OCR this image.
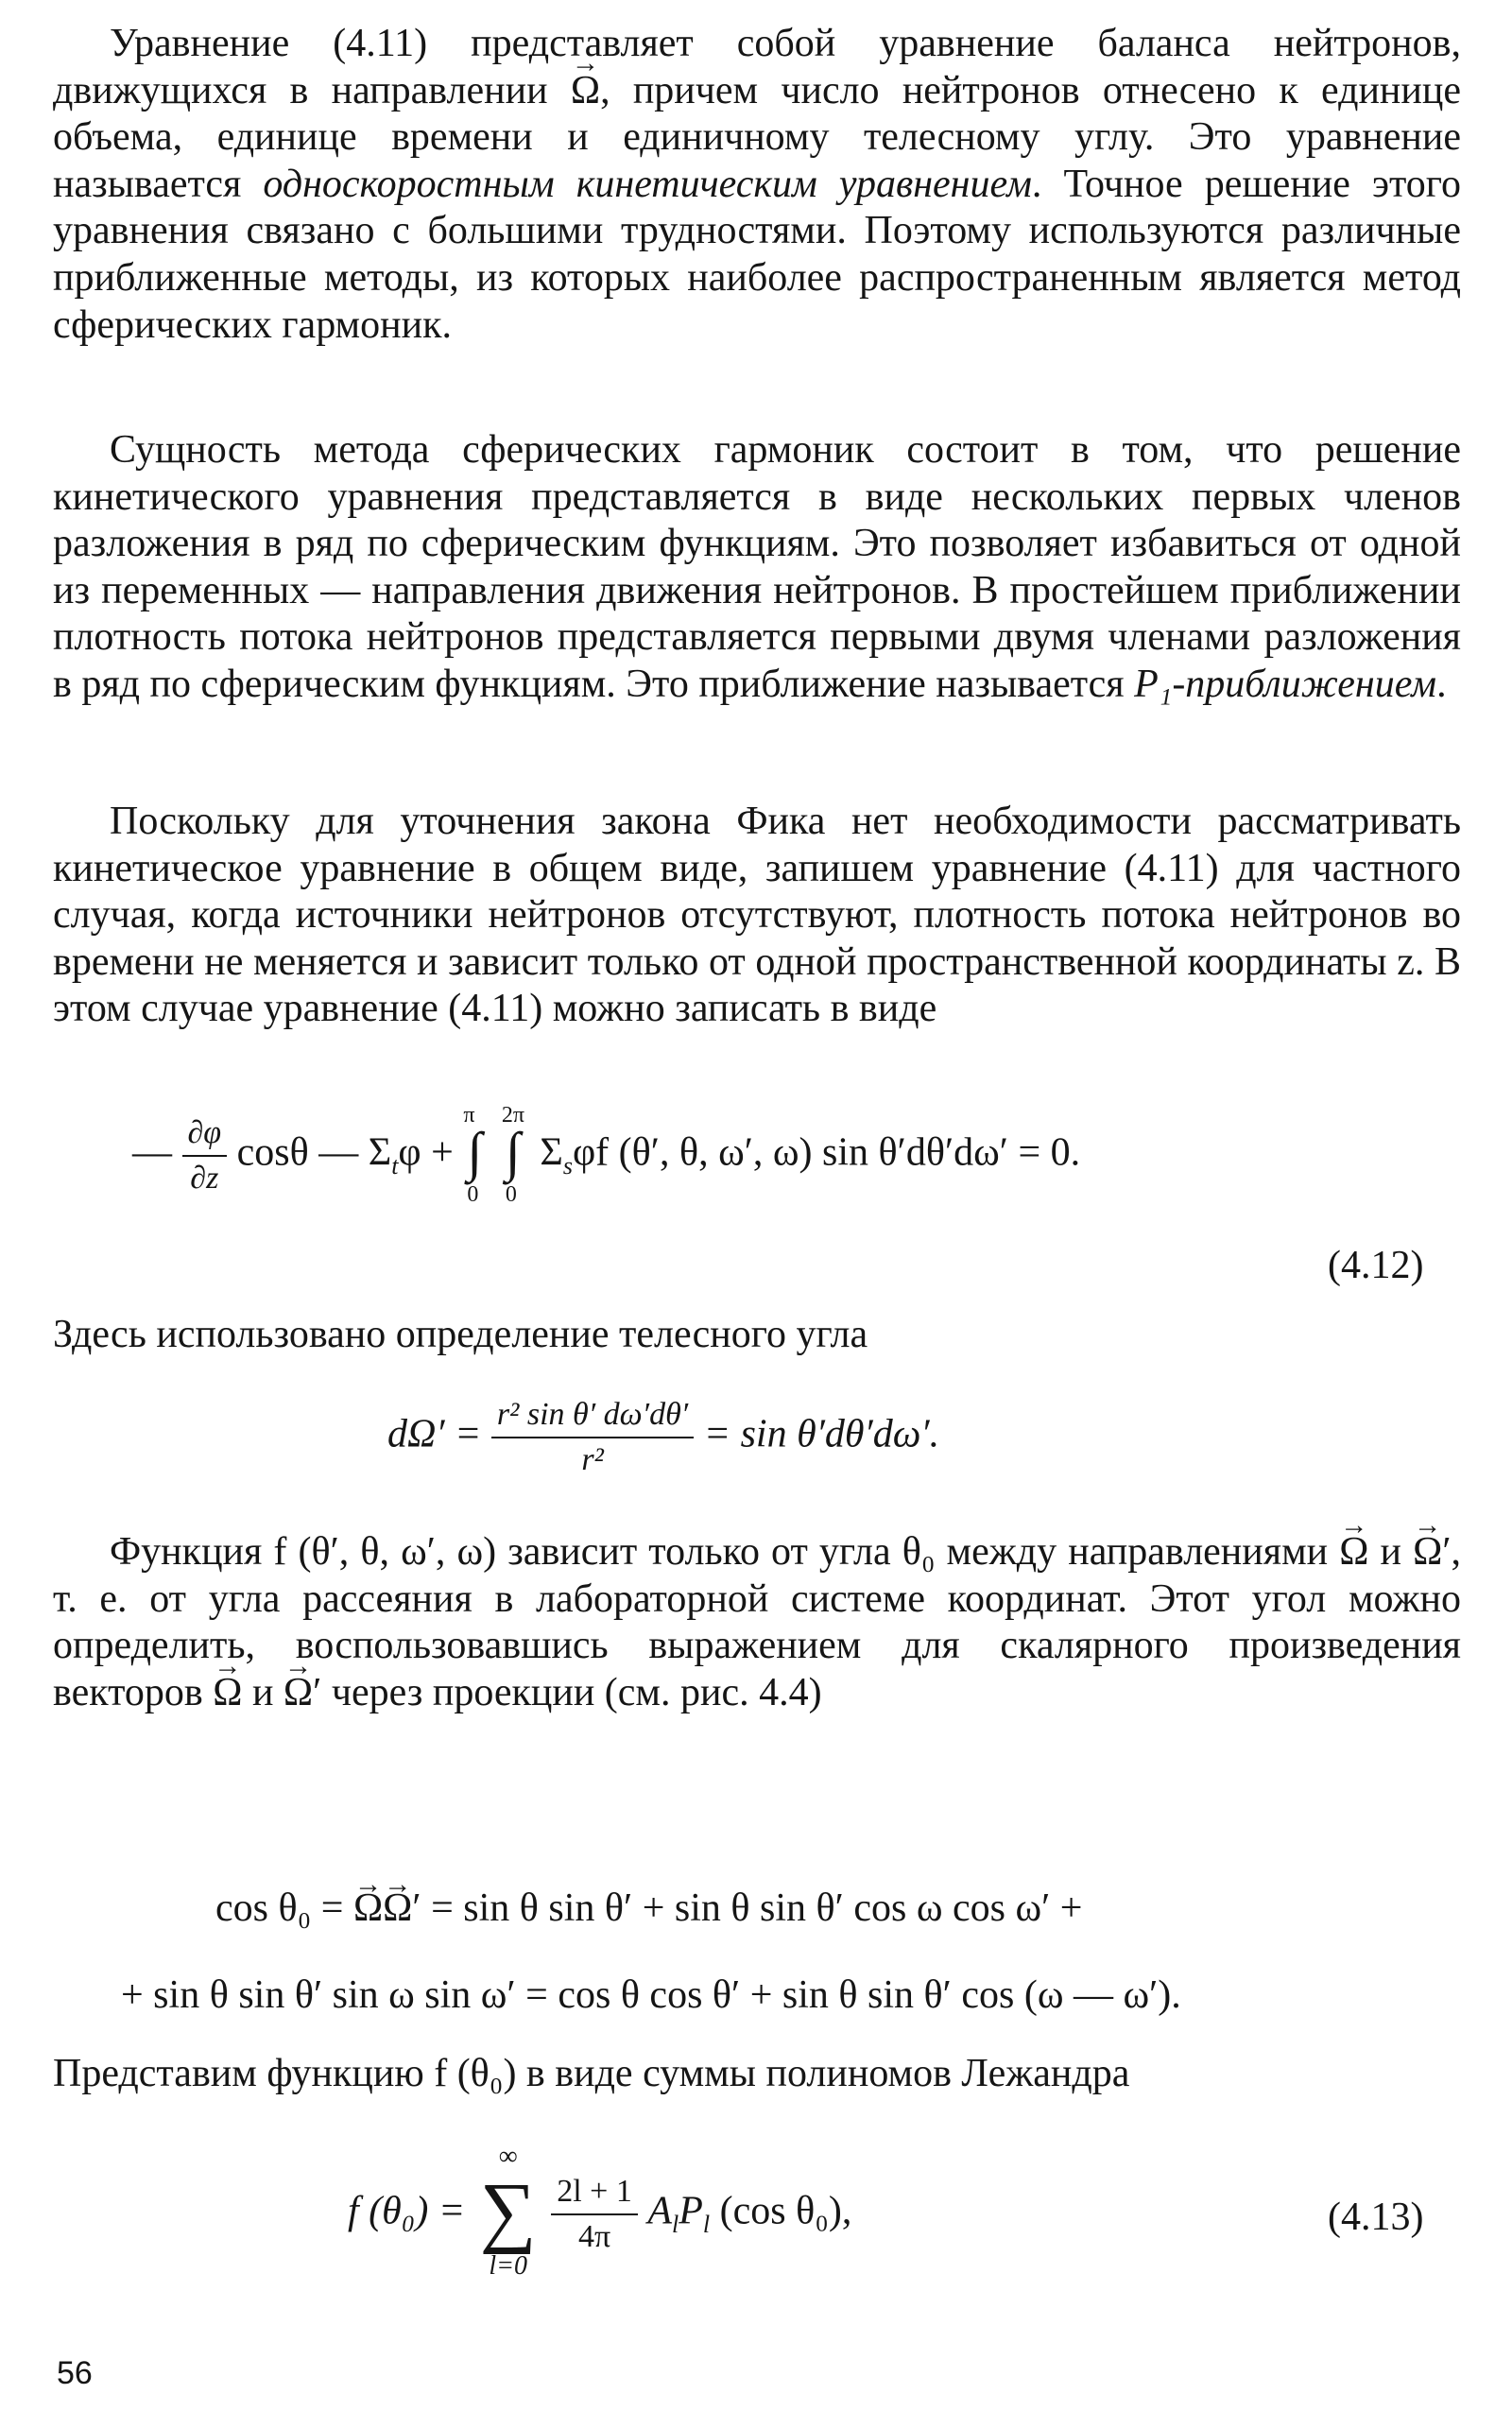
Уравнение (4.11) представляет собой уравнение баланса нейтронов, движущихся в направлении → Ω, причем число нейтронов отнесено к единице объема, единице времени и единичному телесному углу. Это уравнение называется односкоростным кинетическим уравнением. Точное решение этого уравнения связано с большими трудностями. Поэтому используются различные приближенные методы, из которых наиболее распространенным является метод сферических гармоник.

Сущность метода сферических гармоник состоит в том, что решение кинетического уравнения представляется в виде нескольких первых членов разложения в ряд по сферическим функциям. Это позволяет избавиться от одной из переменных — направления движения нейтронов. В простейшем приближении плотность потока нейтронов представляется первыми двумя членами разложения в ряд по сферическим функциям. Это приближение называется P₁-приближением.

Поскольку для уточнения закона Фика нет необходимости рассматривать кинетическое уравнение в общем виде, запишем уравнение (4.11) для частного случая, когда источники нейтронов отсутствуют, плотность потока нейтронов во времени не меняется и зависит только от одной пространственной координаты z. В этом случае уравнение (4.11) можно записать в виде

— $\frac{\partial\varphi}{\partial z}$ cosθ — $\Sigma_t\varphi$ +
π
∫
0

2π
∫
0
$\Sigma_s\varphi f$ (θ′, θ, ω′, ω) sin θ′dθ′dω′ = 0.
(4.12)

Здесь использовано определение телесного угла

$d\Omega' = \frac{\text{r² sin θ′ dω′dθ′}}{\text{r²}} = \sin \theta'd\theta'd\omega'$.

Функция f (θ′, θ, ω′, ω) зависит только от угла θ₀ между направлениями → Ω и → Ω′, т. е. от угла рассеяния в лабораторной системе координат. Этот угол можно определить, воспользовавшись выражением для скалярного произведения векторов → Ω и → Ω′ через проекции (см. рис. 4.4)

cos θ₀ = → Ω→ Ω′ = sin θ sin θ′ + sin θ sin θ′ cos ω cos ω′ +
+ sin θ sin θ′ sin ω sin ω′ = cos θ cos θ′ + sin θ sin θ′ cos (ω — ω′).

Представим функцию f (θ₀) в виде суммы полиномов Лежандра

f (θ₀) =
∞
∑
l=0

$\frac{2l + 1}{4\pi} A_lP_l$ (cos θ₀),	(4.13)
56
